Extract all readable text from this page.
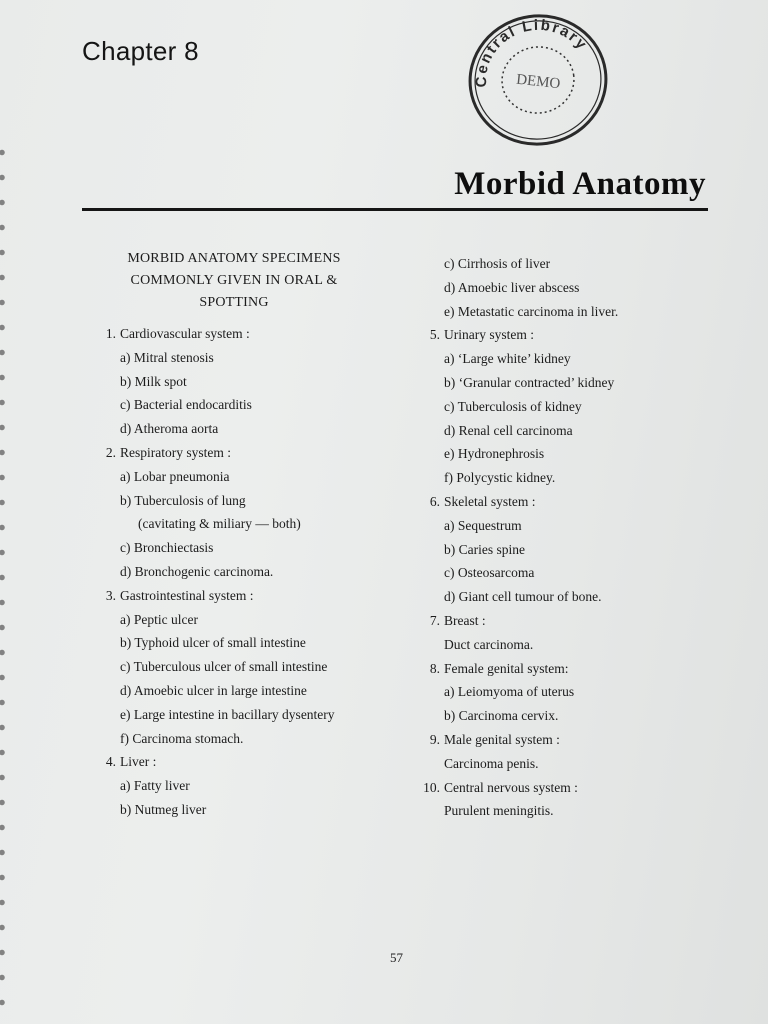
Chapter 8
Central Library
DEMO
Morbid Anatomy
MORBID ANATOMY SPECIMENS
COMMONLY GIVEN IN ORAL &
SPOTTING
1. Cardiovascular system :
a) Mitral stenosis
b) Milk spot
c) Bacterial endocarditis
d) Atheroma aorta
2. Respiratory system :
a) Lobar pneumonia
b) Tuberculosis of lung
(cavitating & miliary — both)
c) Bronchiectasis
d) Bronchogenic carcinoma.
3. Gastrointestinal system :
a) Peptic ulcer
b) Typhoid ulcer of small intestine
c) Tuberculous ulcer of small intestine
d) Amoebic ulcer in large intestine
e) Large intestine in bacillary dysentery
f) Carcinoma stomach.
4. Liver :
a) Fatty liver
b) Nutmeg liver
c) Cirrhosis of liver
d) Amoebic liver abscess
e) Metastatic carcinoma in liver.
5. Urinary system :
a) ‘Large white’ kidney
b) ‘Granular contracted’ kidney
c) Tuberculosis of kidney
d) Renal cell carcinoma
e) Hydronephrosis
f) Polycystic kidney.
6. Skeletal system :
a) Sequestrum
b) Caries spine
c) Osteosarcoma
d) Giant cell tumour of bone.
7. Breast :
Duct carcinoma.
8. Female genital system:
a) Leiomyoma of uterus
b) Carcinoma cervix.
9. Male genital system :
Carcinoma penis.
10. Central nervous system :
Purulent meningitis.
57
